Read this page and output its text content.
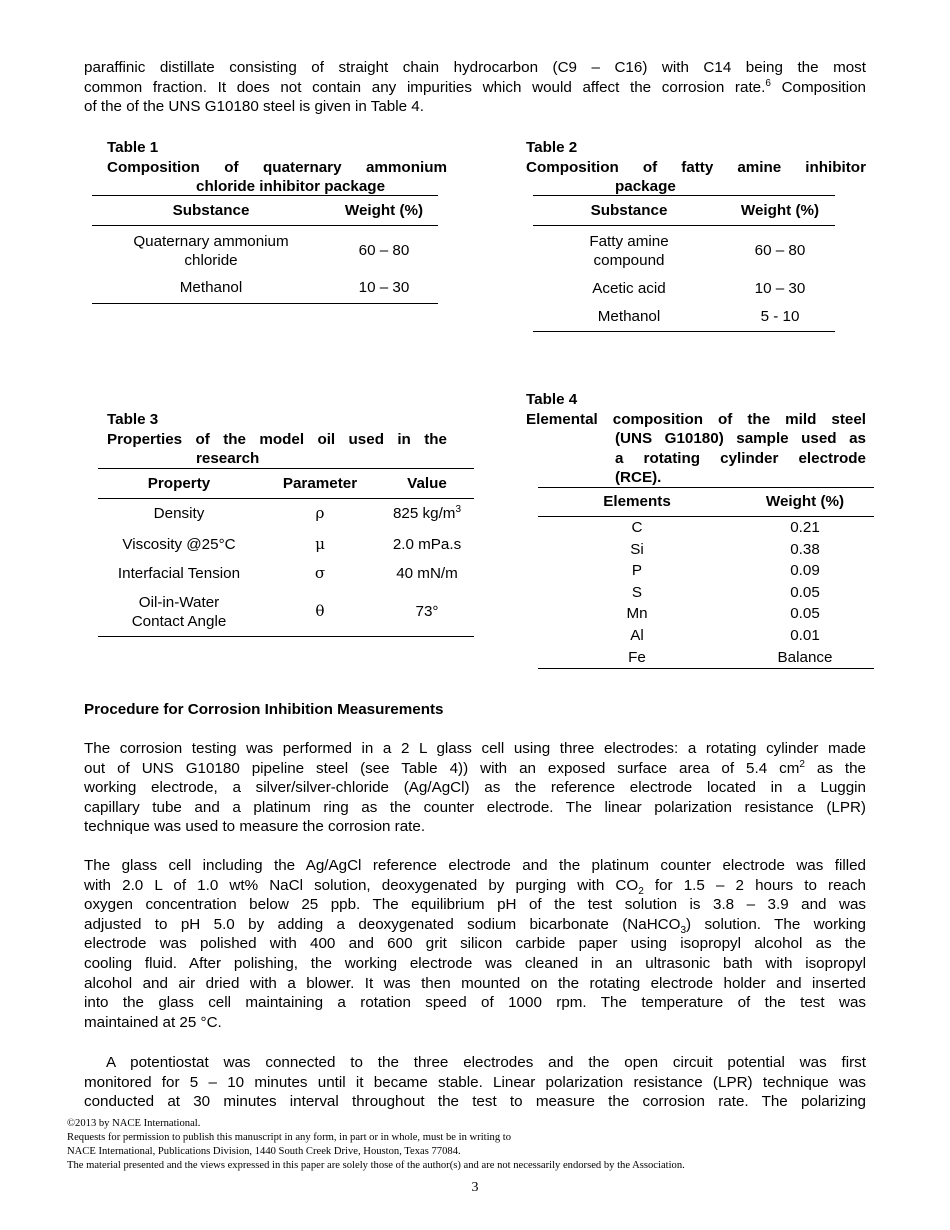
paraffinic distillate consisting of straight chain hydrocarbon (C9 – C16) with C14 being the most

common fraction. It does not contain any impurities which would affect the corrosion rate.$^6$ Composition

of the of the UNS G10180 steel is given in Table 4.

Table 1

Composition of quaternary ammonium

chloride inhibitor package

Substance	Weight (%)

Quaternary ammonium
chloride	60 – 80
Methanol	10 – 30

Table 2

Composition of fatty amine inhibitor

package

Substance	Weight (%)

Fatty amine
compound	60 – 80
Acetic acid	10 – 30
Methanol	5 - 10

Table 3

Properties of the model oil used in the

research

Property	Parameter	Value
Density	ρ	825 $kg/m^3$
Viscosity @25°C	μ	2.0 mPa.s
Interfacial Tension	σ	40 mN/m

Oil-in-Water
Contact Angle	θ	73°

Table 4

Elemental composition of the mild steel

(UNS G10180) sample used as

a rotating cylinder electrode

(RCE).

Elements	Weight (%)
C	0.21
Si	0.38
P	0.09
S	0.05
Mn	0.05
Al	0.01
Fe	Balance
Procedure for Corrosion Inhibition Measurements

The corrosion testing was performed in a 2 L glass cell using three electrodes: a rotating cylinder made

out of UNS G10180 pipeline steel (see Table 4)) with an exposed surface area of 5.4 $cm^2$ as the

working electrode, a silver/silver-chloride (Ag/AgCl) as the reference electrode located in a Luggin

capillary tube and a platinum ring as the counter electrode. The linear polarization resistance (LPR)

technique was used to measure the corrosion rate.

The glass cell including the Ag/AgCl reference electrode and the platinum counter electrode was filled

with 2.0 L of 1.0 wt% NaCl solution, deoxygenated by purging with $CO_2$ for 1.5 – 2 hours to reach

oxygen concentration below 25 ppb. The equilibrium pH of the test solution is 3.8 – 3.9 and was

adjusted to pH 5.0 by adding a deoxygenated sodium bicarbonate (NaHCO$_3$) solution. The working

electrode was polished with 400 and 600 grit silicon carbide paper using isopropyl alcohol as the

cooling fluid. After polishing, the working electrode was cleaned in an ultrasonic bath with isopropyl

alcohol and air dried with a blower. It was then mounted on the rotating electrode holder and inserted

into the glass cell maintaining a rotation speed of 1000 rpm. The temperature of the test was

maintained at 25 °C.

A potentiostat was connected to the three electrodes and the open circuit potential was first

monitored for 5 – 10 minutes until it became stable. Linear polarization resistance (LPR) technique was

conducted at 30 minutes interval throughout the test to measure the corrosion rate. The polarizing

©2013 by NACE International.
Requests for permission to publish this manuscript in any form, in part or in whole, must be in writing to
NACE International, Publications Division, 1440 South Creek Drive, Houston, Texas 77084.
The material presented and the views expressed in this paper are solely those of the author(s) and are not necessarily endorsed by the Association.
3
